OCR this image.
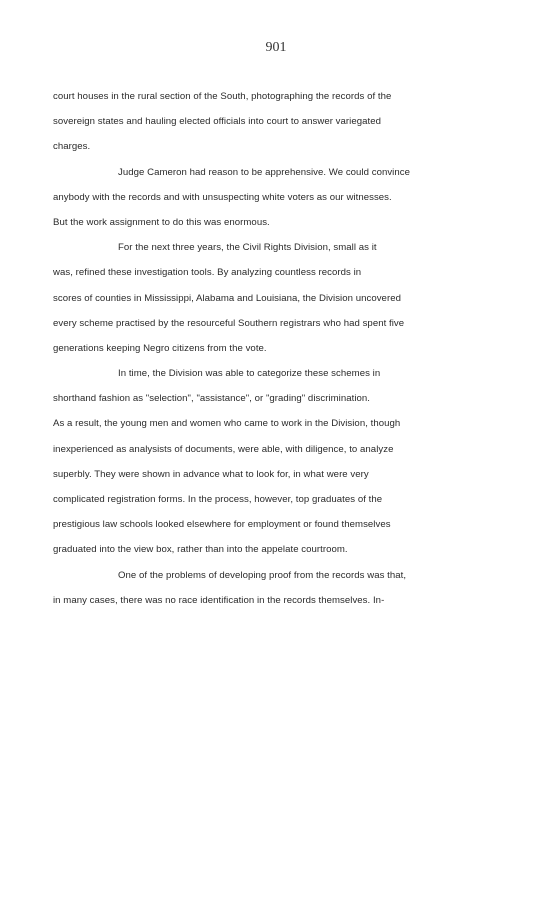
901
court houses in the rural section of the South, photographing the records of the
sovereign states and hauling elected officials into court to answer variegated
charges.
Judge Cameron had reason to be apprehensive. We could convince
anybody with the records and with unsuspecting white voters as our witnesses.
But the work assignment to do this was enormous.
For the next three years, the Civil Rights Division, small as it
was, refined these investigation tools. By analyzing countless records in
scores of counties in Mississippi, Alabama and Louisiana, the Division uncovered
every scheme practised by the resourceful Southern registrars who had spent five
generations keeping Negro citizens from the vote.
In time, the Division was able to categorize these schemes in
shorthand fashion as "selection", "assistance", or "grading" discrimination.
As a result, the young men and women who came to work in the Division, though
inexperienced as analysists of documents, were able, with diligence, to analyze
superbly. They were shown in advance what to look for, in what were very
complicated registration forms. In the process, however, top graduates of the
prestigious law schools looked elsewhere for employment or found themselves
graduated into the view box, rather than into the appelate courtroom.
One of the problems of developing proof from the records was that,
in many cases, there was no race identification in the records themselves. In-
